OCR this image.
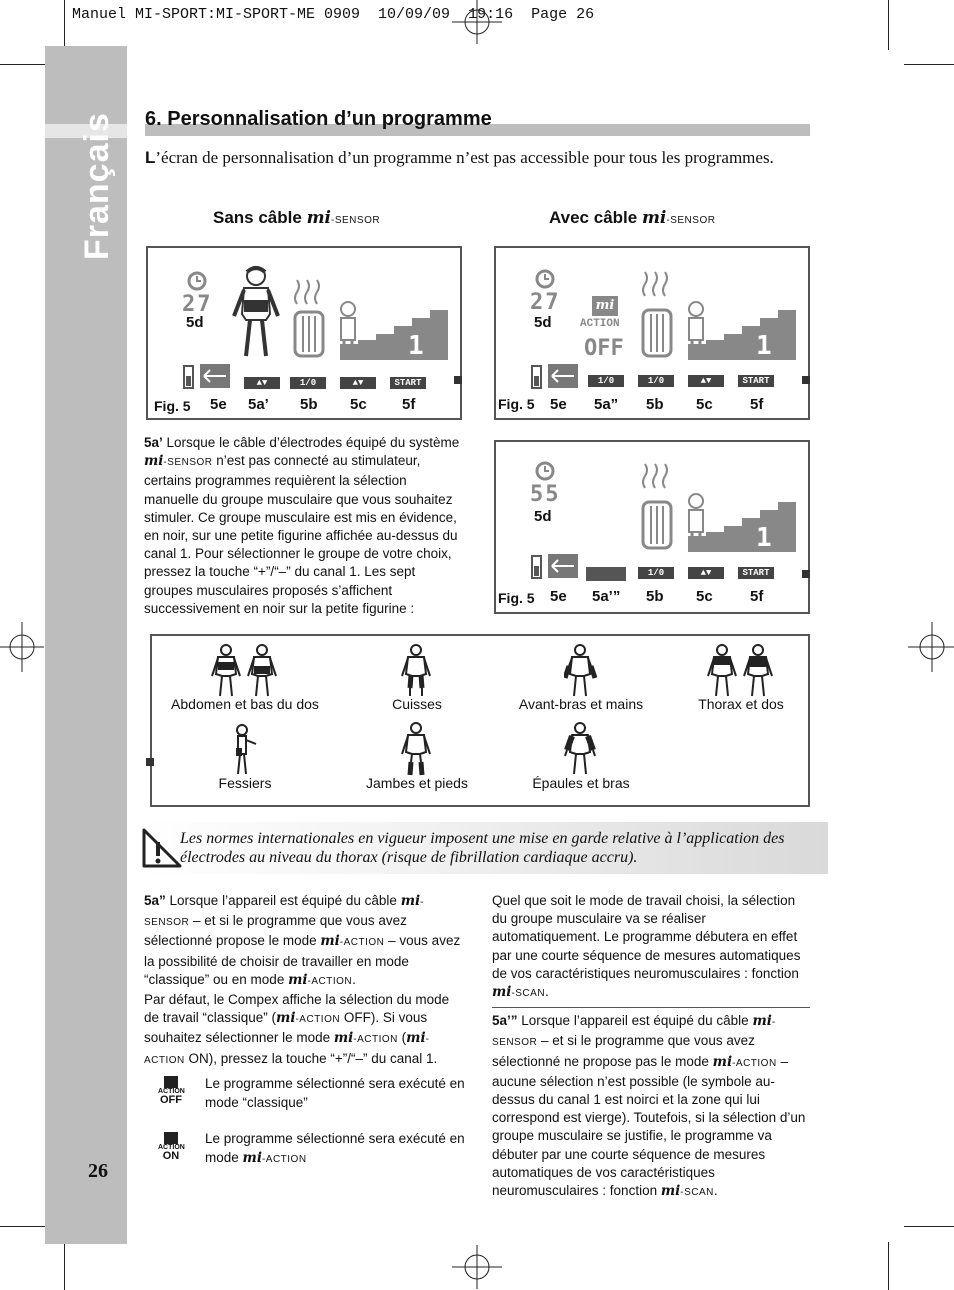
Manuel MI-SPORT:MI-SPORT-ME 0909  10/09/09  19:16  Page 26
Français
26
6. Personnalisation d’un programme
L’écran de personnalisation d’un programme n’est pas accessible pour tous les programmes.
Sans câble mi-SENSOR	Avec câble mi-SENSOR
27
1
5d
▲▼	1/0	▲▼	START
Fig. 5 5e 5a’ 5b 5c 5f
27	mi
ACTION
OFF	1
5d
1/0	1/0	▲▼	START
Fig. 5 5e 5a” 5b 5c 5f
55
1
5d
1/0	▲▼	START
Fig. 5 5e 5a’” 5b 5c 5f
5a’ Lorsque le câble d’électrodes équipé du système mi-SENSOR n’est pas connecté au stimulateur, certains programmes requièrent la sélection manuelle du groupe musculaire que vous souhaitez stimuler. Ce groupe musculaire est mis en évidence, en noir, sur une petite figurine affichée au-dessus du canal 1. Pour sélectionner le groupe de votre choix, pressez la touche “+”/“–” du canal 1. Les sept groupes musculaires proposés s’affichent successivement en noir sur la petite figurine :
Abdomen et bas du dos	Cuisses	Avant-bras et mains	Thorax et dos
Fessiers	Jambes et pieds	Épaules et bras
Les normes internationales en vigueur imposent une mise en garde relative à l’application des électrodes au niveau du thorax (risque de fibrillation cardiaque accru).
5a” Lorsque l’appareil est équipé du câble mi-SENSOR – et si le programme que vous avez sélectionné propose le mode mi-ACTION – vous avez la possibilité de choisir de travailler en mode “classique” ou en mode mi-ACTION.
Par défaut, le Compex affiche la sélection du mode de travail “classique” (mi-ACTION OFF). Si vous souhaitez sélectionner le mode mi-ACTION (mi-ACTION ON), pressez la touche “+”/“–” du canal 1.
ACTION
OFF
Le programme sélectionné sera exécuté en mode “classique”
ACTION
ON
Le programme sélectionné sera exécuté en mode mi-ACTION
Quel que soit le mode de travail choisi, la sélection du groupe musculaire va se réaliser automatiquement. Le programme débutera en effet par une courte séquence de mesures automatiques de vos caractéristiques neuromusculaires : fonction mi-SCAN.
5a’” Lorsque l’appareil est équipé du câble mi-SENSOR – et si le programme que vous avez sélectionné ne propose pas le mode mi-ACTION – aucune sélection n’est possible (le symbole au-dessus du canal 1 est noirci et la zone qui lui correspond est vierge). Toutefois, si la sélection d’un groupe musculaire se justifie, le programme va débuter par une courte séquence de mesures automatiques de vos caractéristiques neuromusculaires : fonction mi-SCAN.
